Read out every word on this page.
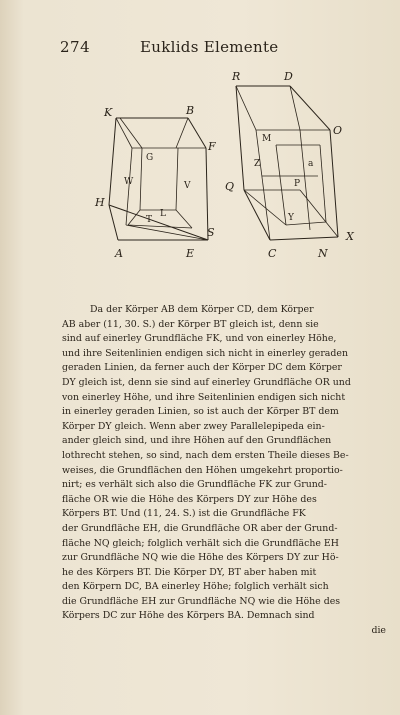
274	Euklids Elemente
K	B
F
G
W	V
H
T
L
S
A	E
R	D
M
O
Z	a
Q	P
Y
X
C	N
Da der Körper AB dem Körper CD, dem Körper
AB aber (11, 30. S.) der Körper BT gleich ist, denn sie
sind auf einerley Grundfläche FK, und von einerley Höhe,
und ihre Seitenlinien endigen sich nicht in einerley geraden
geraden Linien, da ferner auch der Körper DC dem Körper
DY gleich ist, denn sie sind auf einerley Grundfläche OR und
von einerley Höhe, und ihre Seitenlinien endigen sich nicht
in einerley geraden Linien, so ist auch der Körper BT dem
Körper DY gleich. Wenn aber zwey Parallelepipeda ein-
ander gleich sind, und ihre Höhen auf den Grundflächen
lothrecht stehen, so sind, nach dem ersten Theile dieses Be-
weises, die Grundflächen den Höhen umgekehrt proportio-
nirt; es verhält sich also die Grundfläche FK zur Grund-
fläche OR wie die Höhe des Körpers DY zur Höhe des
Körpers BT. Und (11, 24. S.) ist die Grundfläche FK
der Grundfläche EH, die Grundfläche OR aber der Grund-
fläche NQ gleich; folglich verhält sich die Grundfläche EH
zur Grundfläche NQ wie die Höhe des Körpers DY zur Hö-
he des Körpers BT. Die Körper DY, BT aber haben mit
den Körpern DC, BA einerley Höhe; folglich verhält sich
die Grundfläche EH zur Grundfläche NQ wie die Höhe des
Körpers DC zur Höhe des Körpers BA. Demnach sind
die
